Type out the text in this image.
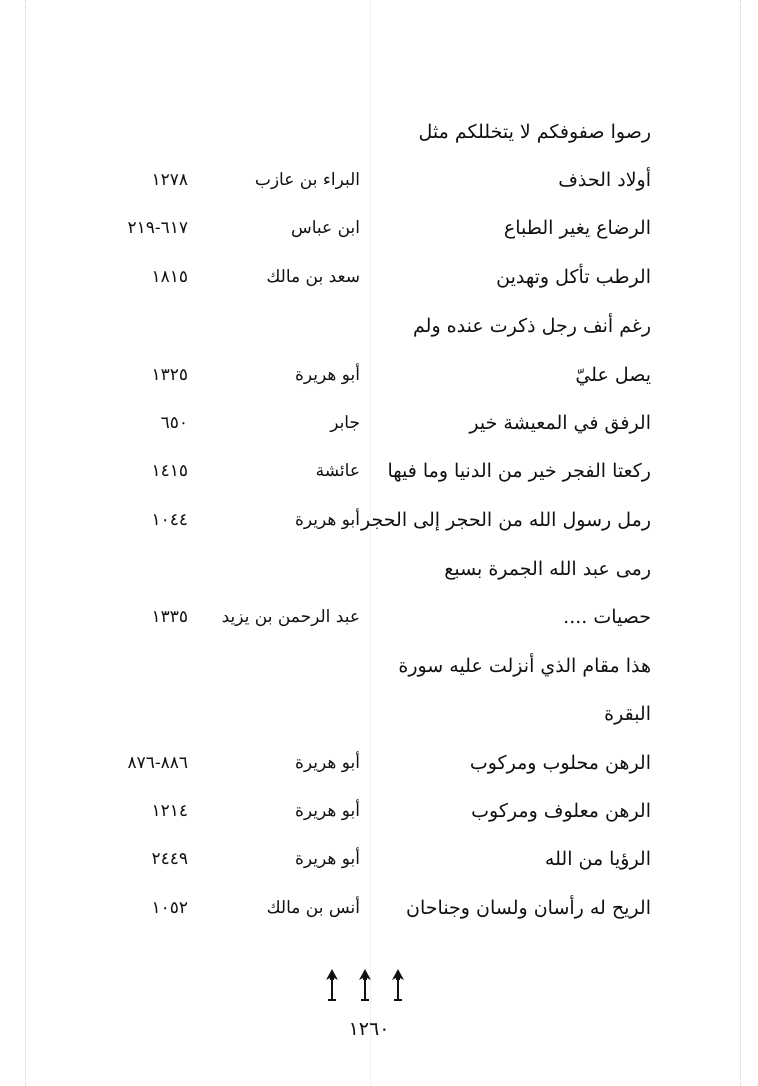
رصوا صفوفكم لا يتخللكم مثل
أولاد الحذف
البراء بن عازب
١٢٧٨
الرضاع يغير الطباع
ابن عباس
٦١٧-٢١٩
الرطب تأكل وتهدين
سعد بن مالك
١٨١٥
رغم أنف رجل ذكرت عنده ولم
يصل عليّ
أبو هريرة
١٣٢٥
الرفق في المعيشة خير
جابر
٦٥٠
ركعتا الفجر خير من الدنيا وما فيها
عائشة
١٤١٥
رمل رسول الله من الحجر إلى الحجر
أبو هريرة
١٠٤٤
رمى عبد الله الجمرة بسبع
حصيات ....
عبد الرحمن بن يزيد
١٣٣٥
هذا مقام الذي أنزلت عليه سورة
البقرة
الرهن محلوب ومركوب
أبو هريرة
٨٨٦-٨٧٦
الرهن معلوف ومركوب
أبو هريرة
١٢١٤
الرؤيا من الله
أبو هريرة
٢٤٤٩
الريح له رأسان ولسان وجناحان
أنس بن مالك
١٠٥٢
١٢٦٠
